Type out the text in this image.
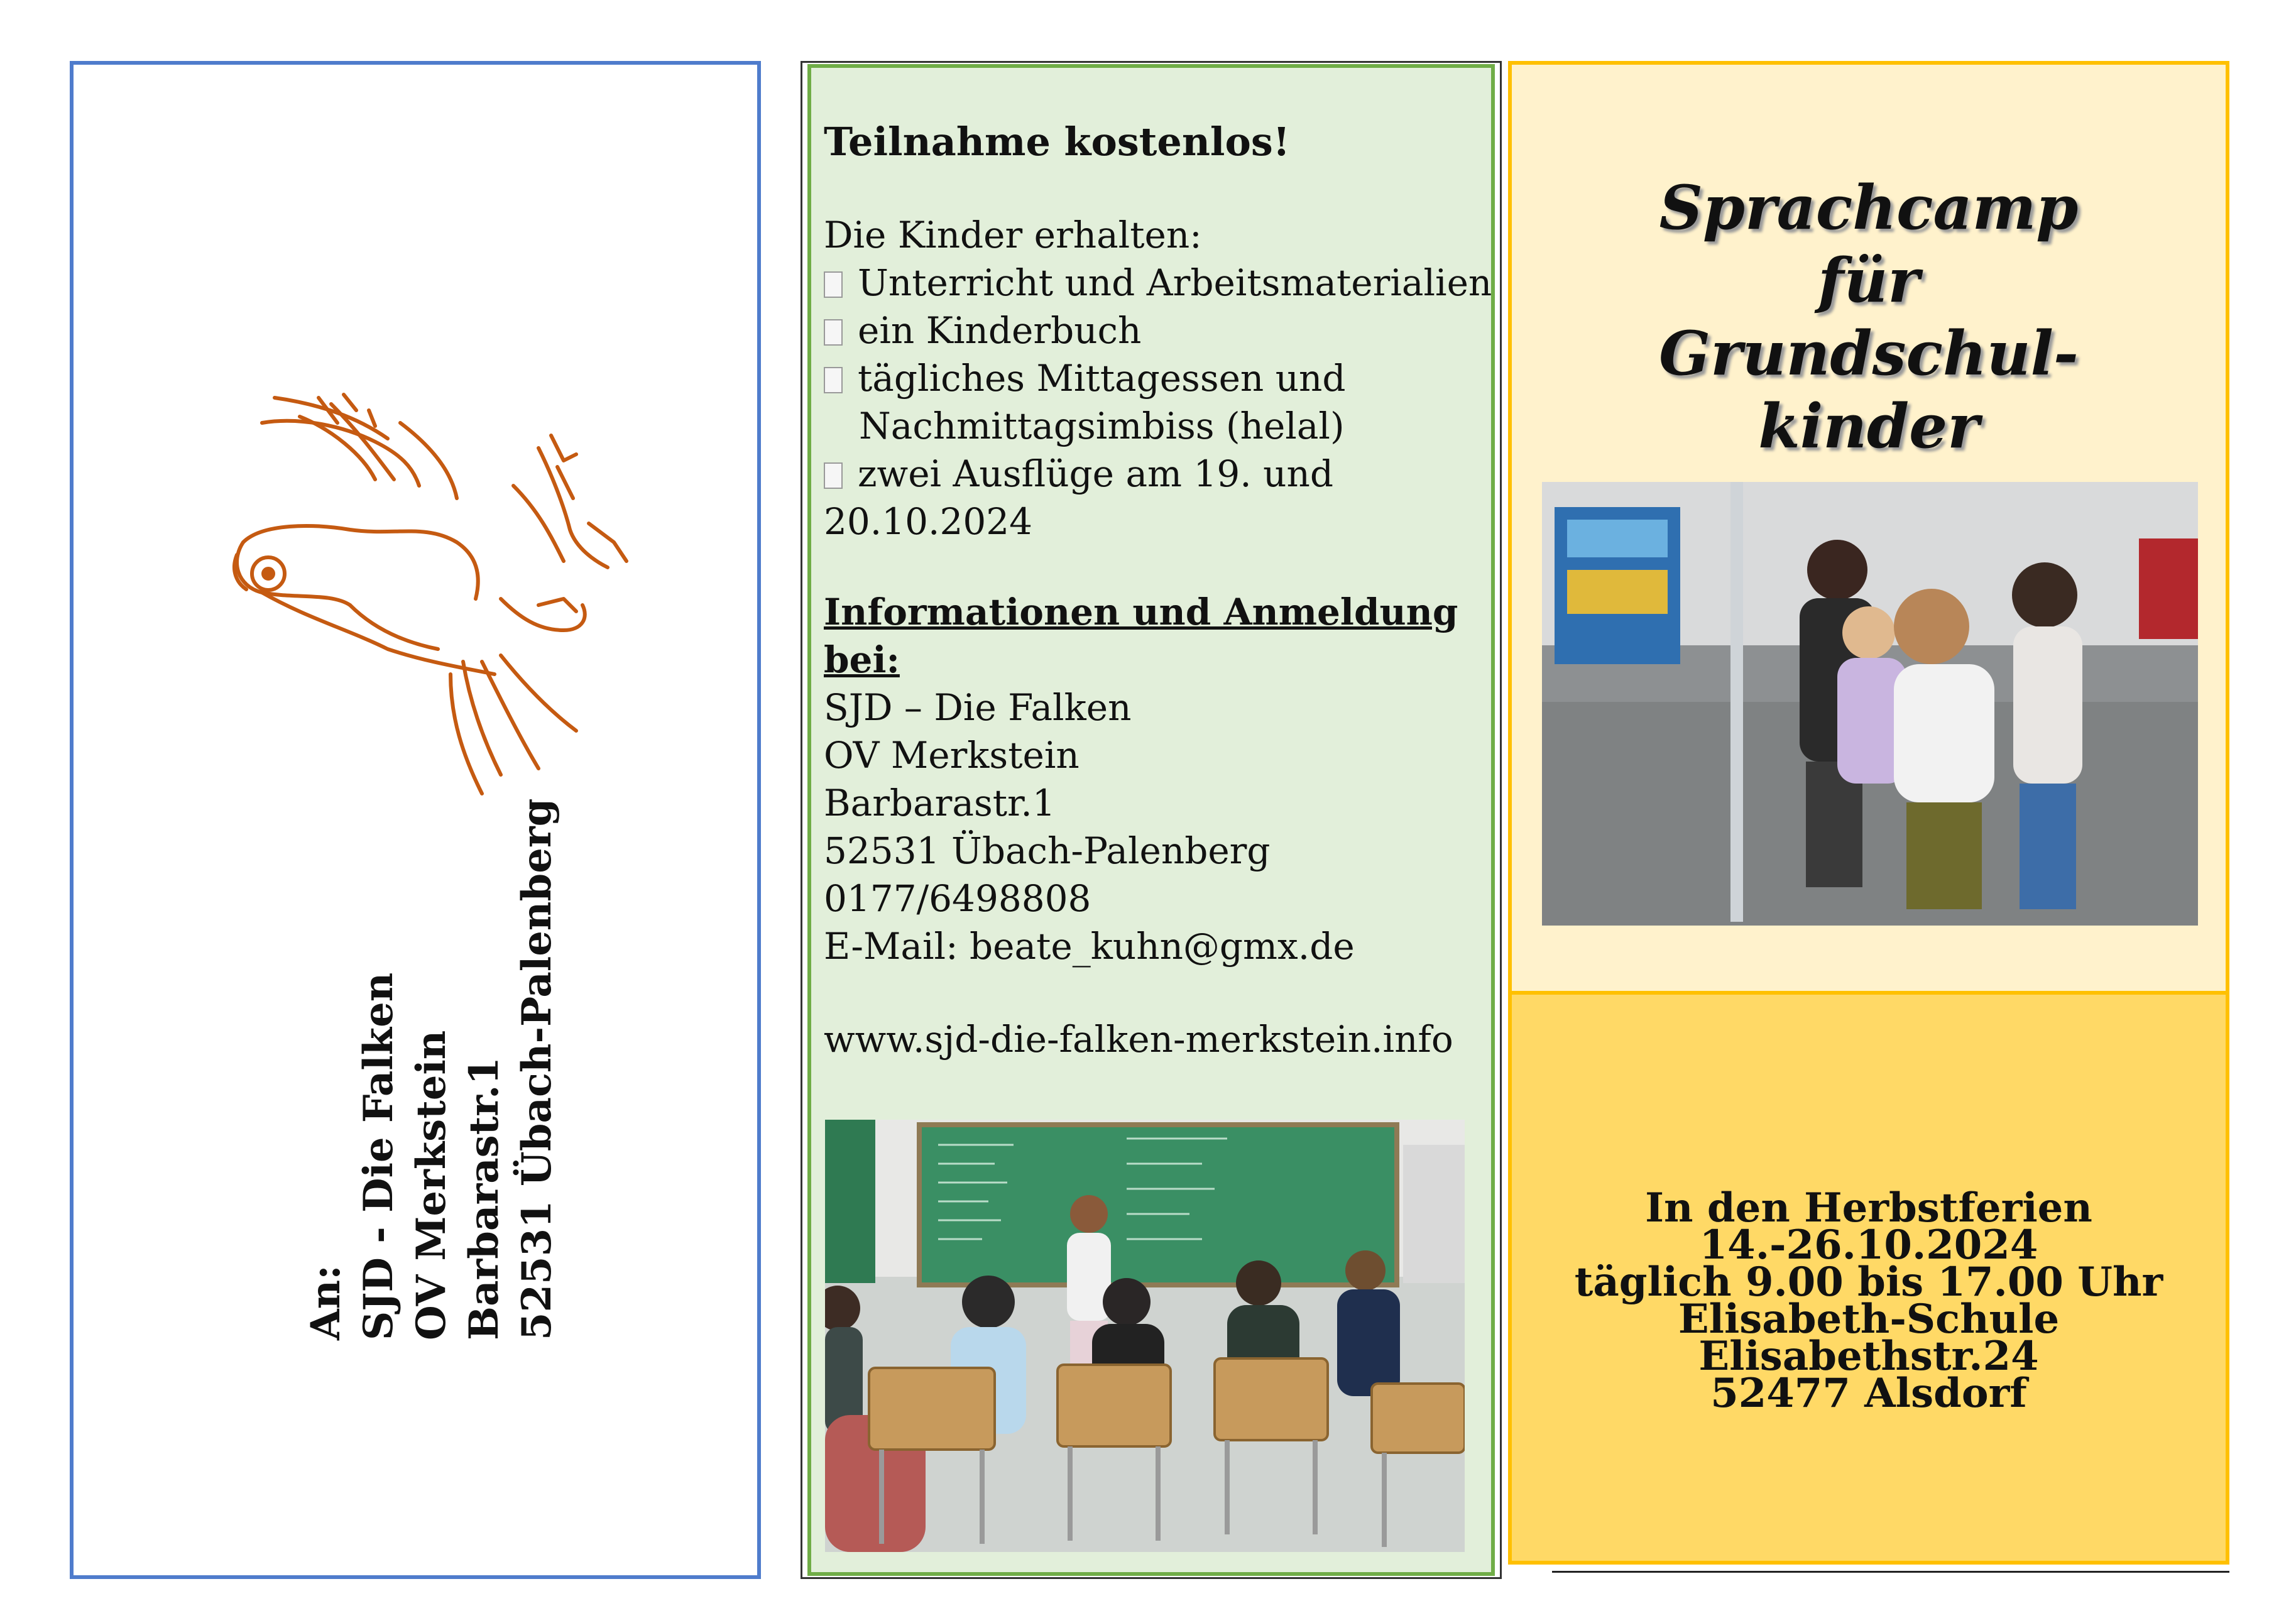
An: SJD - Die Falken OV Merkstein Barbarastr.1 52531 Übach-Palenberg
Teilnahme kostenlos!
Die Kinder erhalten:
Unterricht und Arbeitsmaterialien
ein Kinderbuch
tägliches Mittagessen und
Nachmittagsimbiss (helal)
zwei Ausflüge am 19. und
20.10.2024
Informationen und Anmeldung bei:
SJD – Die Falken
OV Merkstein
Barbarastr.1
52531 Übach-Palenberg
0177/6498808
E-Mail: beate_kuhn@gmx.de
www.sjd-die-falken-merkstein.info
Sprachcamp
für
Grundschul-
kinder
In den Herbstferien
14.-26.10.2024
täglich 9.00 bis 17.00 Uhr
Elisabeth-Schule
Elisabethstr.24
52477 Alsdorf
